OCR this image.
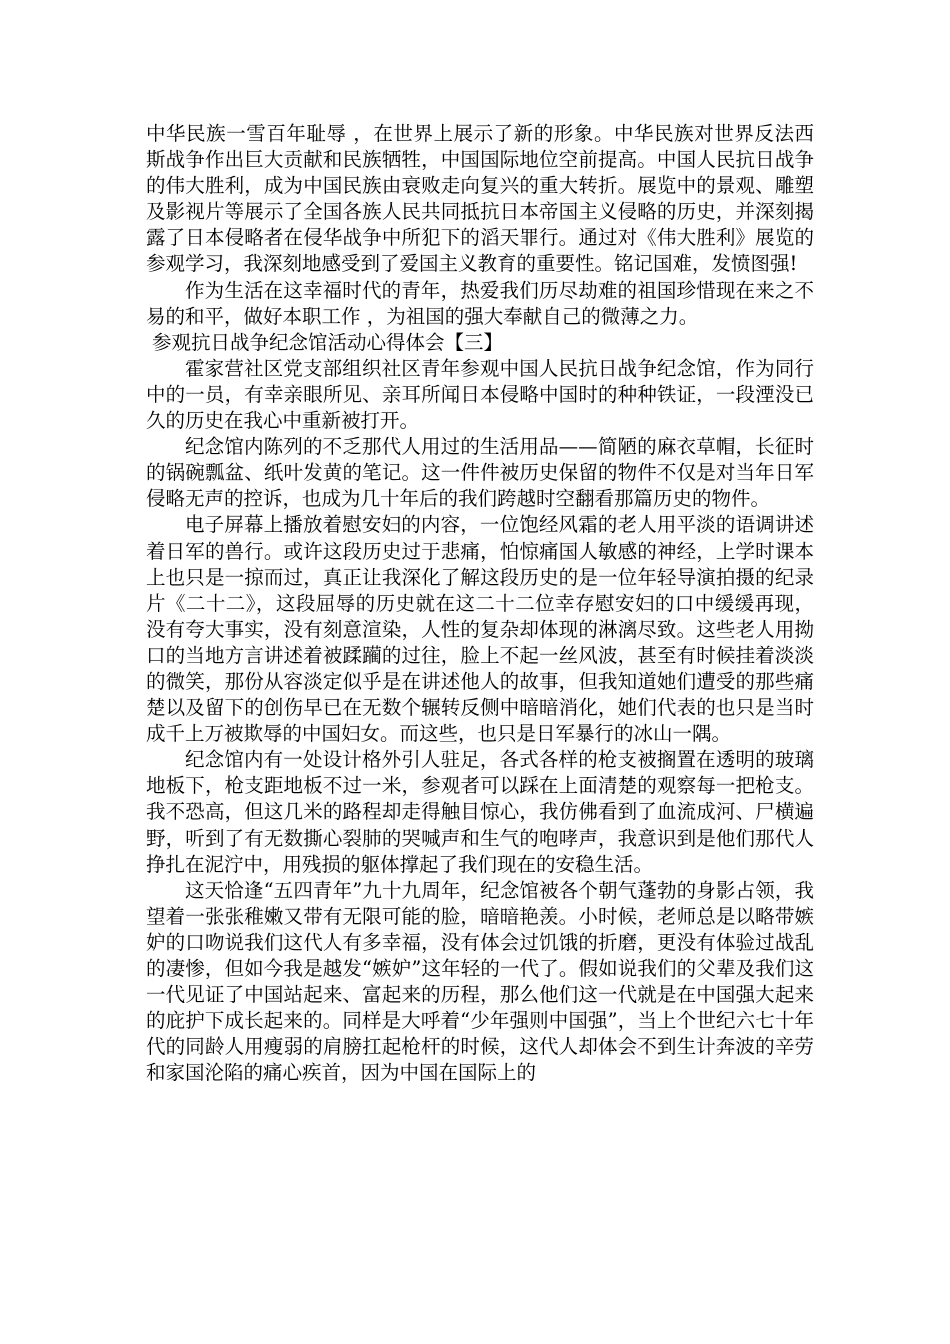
中华民族一雪百年耻辱 ，在世界上展示了新的形象。中华民族对世界反法西斯战争作出巨大贡献和民族牺牲，中国国际地位空前提高。中国人民抗日战争的伟大胜利，成为中国民族由衰败走向复兴的重大转折。展览中的景观、雕塑及影视片等展示了全国各族人民共同抵抗日本帝国主义侵略的历史，并深刻揭露了日本侵略者在侵华战争中所犯下的滔天罪行。通过对《伟大胜利》展览的参观学习，我深刻地感受到了爱国主义教育的重要性。铭记国难，发愤图强!

作为生活在这幸福时代的青年，热爱我们历尽劫难的祖国珍惜现在来之不易的和平，做好本职工作 ，为祖国的强大奉献自己的微薄之力。

参观抗日战争纪念馆活动心得体会【三】

霍家营社区党支部组织社区青年参观中国人民抗日战争纪念馆，作为同行中的一员，有幸亲眼所见、亲耳所闻日本侵略中国时的种种铁证，一段湮没已久的历史在我心中重新被打开。

纪念馆内陈列的不乏那代人用过的生活用品——简陋的麻衣草帽，长征时的锅碗瓢盆、纸叶发黄的笔记。这一件件被历史保留的物件不仅是对当年日军侵略无声的控诉，也成为几十年后的我们跨越时空翻看那篇历史的物件。

电子屏幕上播放着慰安妇的内容，一位饱经风霜的老人用平淡的语调讲述着日军的兽行。或许这段历史过于悲痛，怕惊痛国人敏感的神经，上学时课本上也只是一掠而过，真正让我深化了解这段历史的是一位年轻导演拍摄的纪录片《二十二》，这段屈辱的历史就在这二十二位幸存慰安妇的口中缓缓再现，没有夸大事实，没有刻意渲染，人性的复杂却体现的淋漓尽致。这些老人用拗口的当地方言讲述着被蹂躏的过往，脸上不起一丝风波，甚至有时候挂着淡淡的微笑，那份从容淡定似乎是在讲述他人的故事，但我知道她们遭受的那些痛楚以及留下的创伤早已在无数个辗转反侧中暗暗消化，她们代表的也只是当时成千上万被欺辱的中国妇女。而这些，也只是日军暴行的冰山一隅。

纪念馆内有一处设计格外引人驻足，各式各样的枪支被搁置在透明的玻璃地板下，枪支距地板不过一米，参观者可以踩在上面清楚的观察每一把枪支。我不恐高，但这几米的路程却走得触目惊心，我仿佛看到了血流成河、尸横遍野，听到了有无数撕心裂肺的哭喊声和生气的咆哮声，我意识到是他们那代人挣扎在泥泞中，用残损的躯体撑起了我们现在的安稳生活。

这天恰逢“五四青年”九十九周年，纪念馆被各个朝气蓬勃的身影占领，我望着一张张稚嫩又带有无限可能的脸，暗暗艳羡。小时候，老师总是以略带嫉妒的口吻说我们这代人有多幸福，没有体会过饥饿的折磨，更没有体验过战乱的凄惨，但如今我是越发“嫉妒”这年轻的一代了。假如说我们的父辈及我们这一代见证了中国站起来、富起来的历程，那么他们这一代就是在中国强大起来的庇护下成长起来的。同样是大呼着“少年强则中国强”，当上个世纪六七十年代的同龄人用瘦弱的肩膀扛起枪杆的时候，这代人却体会不到生计奔波的辛劳和家国沦陷的痛心疾首，因为中国在国际上的
